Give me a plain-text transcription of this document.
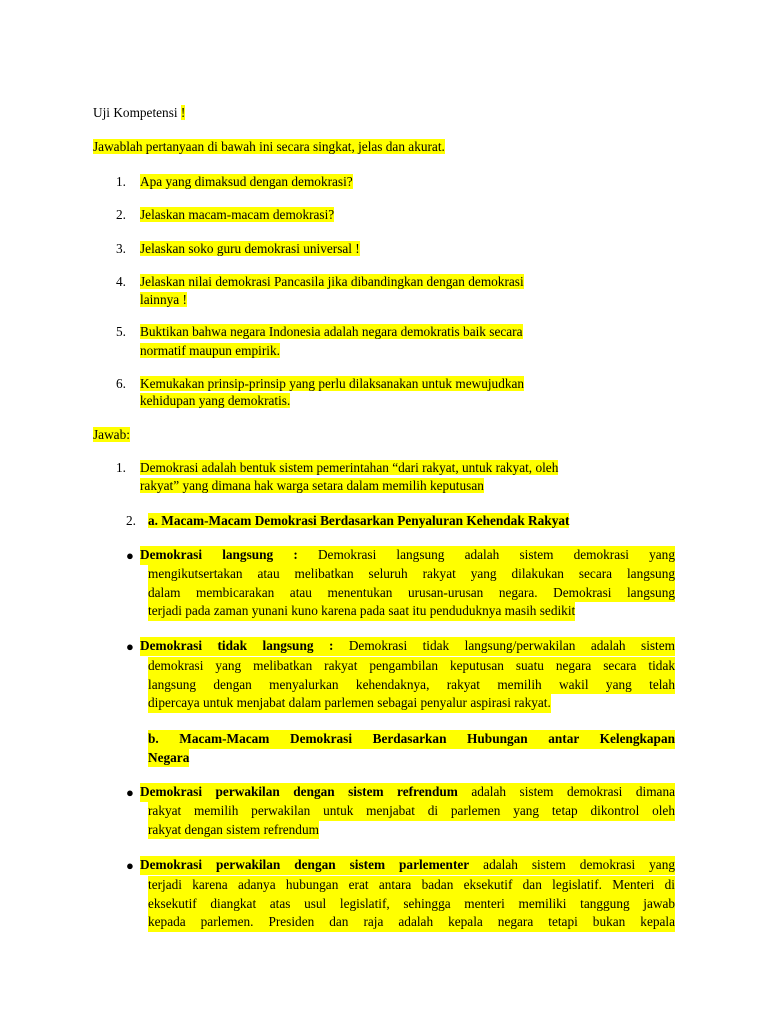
Uji Kompetensi !
Jawablah pertanyaan di bawah ini secara singkat, jelas dan akurat.
1. Apa yang dimaksud dengan demokrasi?
2. Jelaskan macam-macam demokrasi?
3. Jelaskan soko guru demokrasi universal !
4. Jelaskan nilai demokrasi Pancasila jika dibandingkan dengan demokrasi
lainnya !
5. Buktikan bahwa negara Indonesia adalah negara demokratis baik secara
normatif maupun empirik.
6. Kemukakan prinsip-prinsip yang perlu dilaksanakan untuk mewujudkan
kehidupan yang demokratis.
Jawab:
1. Demokrasi adalah bentuk sistem pemerintahan “dari rakyat, untuk rakyat, oleh
rakyat” yang dimana hak warga setara dalam memilih keputusan
2. a. Macam-Macam Demokrasi Berdasarkan Penyaluran Kehendak Rakyat
● Demokrasi langsung : Demokrasi langsung adalah sistem demokrasi yang
mengikutsertakan atau melibatkan seluruh rakyat yang dilakukan secara langsung
dalam membicarakan atau menentukan urusan-urusan negara. Demokrasi langsung
terjadi pada zaman yunani kuno karena pada saat itu penduduknya masih sedikit
● Demokrasi tidak langsung : Demokrasi tidak langsung/perwakilan adalah sistem
demokrasi yang melibatkan rakyat pengambilan keputusan suatu negara secara tidak
langsung dengan menyalurkan kehendaknya, rakyat memilih wakil yang telah
dipercaya untuk menjabat dalam parlemen sebagai penyalur aspirasi rakyat.
b. Macam-Macam Demokrasi Berdasarkan Hubungan antar Kelengkapan
Negara
● Demokrasi perwakilan dengan sistem refrendum adalah sistem demokrasi dimana
rakyat memilih perwakilan untuk menjabat di parlemen yang tetap dikontrol oleh
rakyat dengan sistem refrendum
● Demokrasi perwakilan dengan sistem parlementer adalah sistem demokrasi yang
terjadi karena adanya hubungan erat antara badan eksekutif dan legislatif. Menteri di
eksekutif diangkat atas usul legislatif, sehingga menteri memiliki tanggung jawab
kepada parlemen. Presiden dan raja adalah kepala negara tetapi bukan kepala
